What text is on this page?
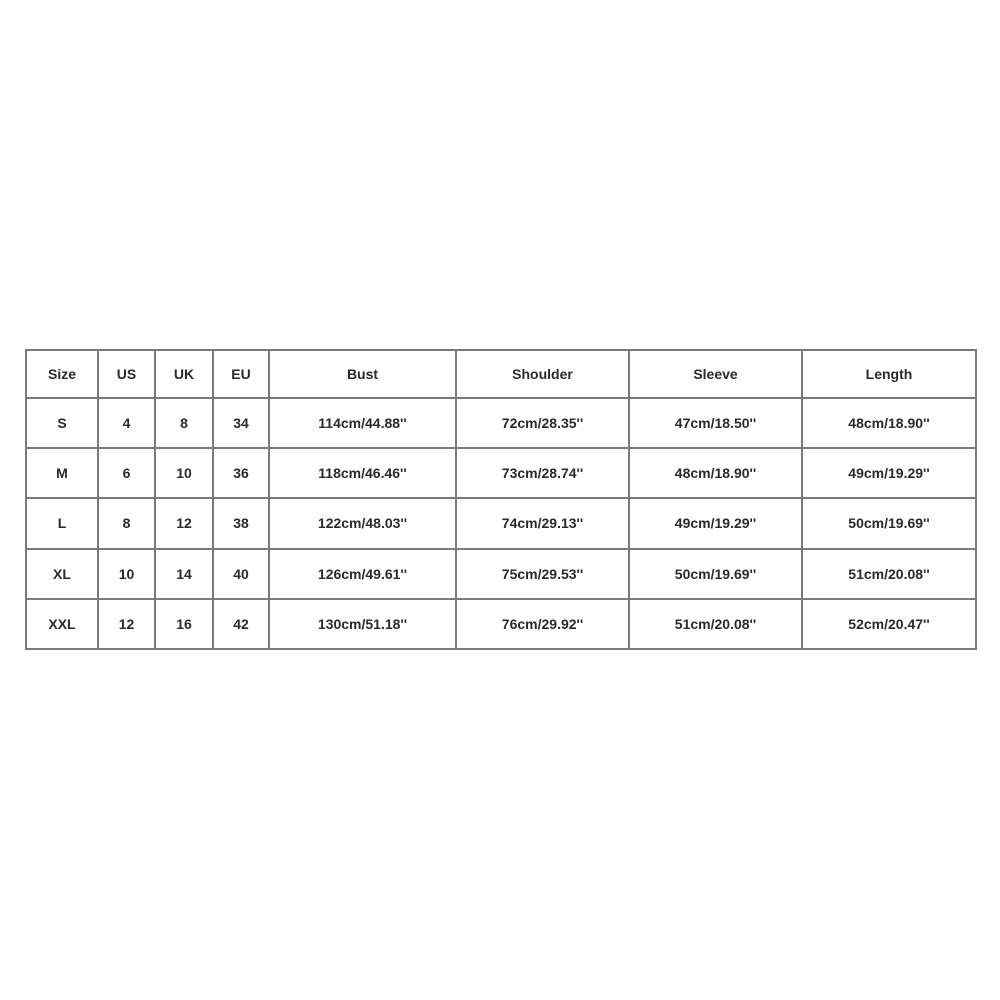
Size	US	UK	EU	Bust	Shoulder	Sleeve	Length
S	4	8	34	114cm/44.88''	72cm/28.35''	47cm/18.50''	48cm/18.90''
M	6	10	36	118cm/46.46''	73cm/28.74''	48cm/18.90''	49cm/19.29''
L	8	12	38	122cm/48.03''	74cm/29.13''	49cm/19.29''	50cm/19.69''
XL	10	14	40	126cm/49.61''	75cm/29.53''	50cm/19.69''	51cm/20.08''
XXL	12	16	42	130cm/51.18''	76cm/29.92''	51cm/20.08''	52cm/20.47''
